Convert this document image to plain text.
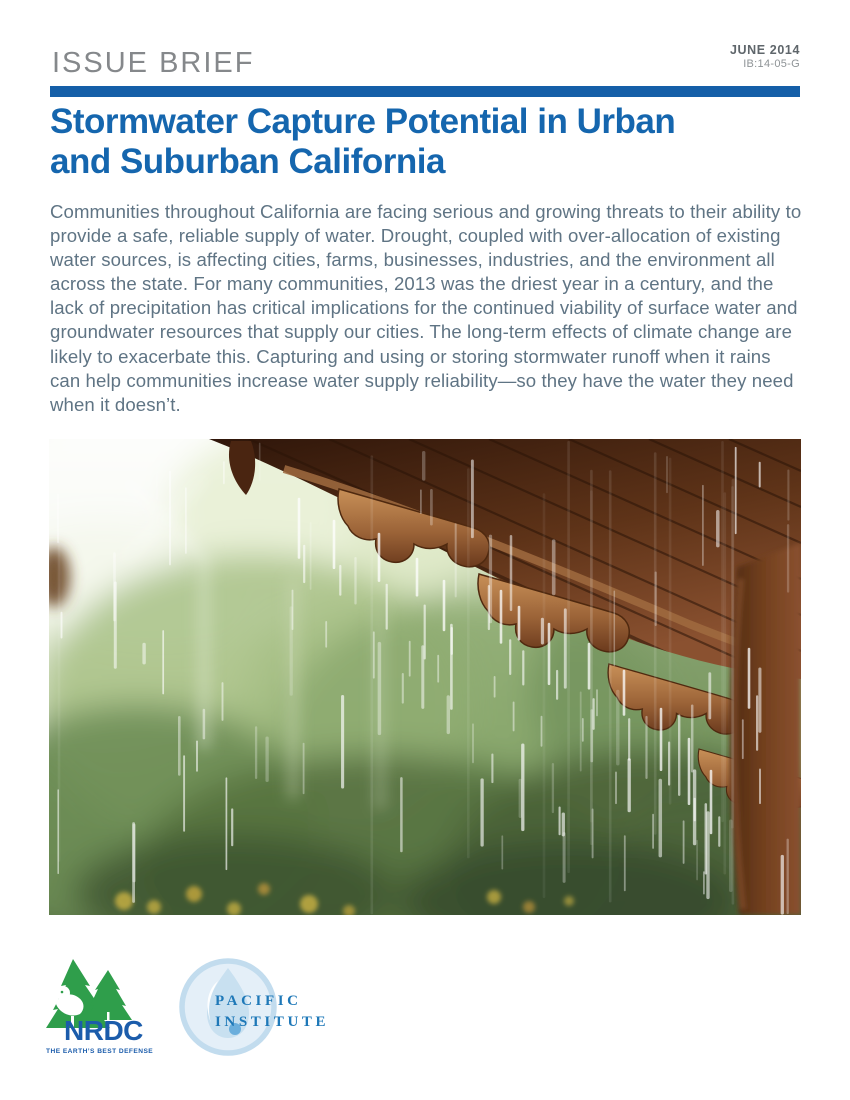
ISSUE BRIEF	JUNE 2014
IB:14-05-G
Stormwater Capture Potential in Urban
and Suburban California

Communities throughout California are facing serious and growing threats to their ability to provide a safe, reliable supply of water. Drought, coupled with over-allocation of existing water sources, is affecting cities, farms, businesses, industries, and the environment all across the state. For many communities, 2013 was the driest year in a century, and the lack of precipitation has critical implications for the continued viability of surface water and groundwater resources that supply our cities. The long-term effects of climate change are likely to exacerbate this. Capturing and using or storing stormwater runoff when it rains can help communities increase water supply reliability—so they have the water they need when it doesn’t.

NRDC
THE EARTH’S BEST DEFENSE
PACIFIC
INSTITUTE
